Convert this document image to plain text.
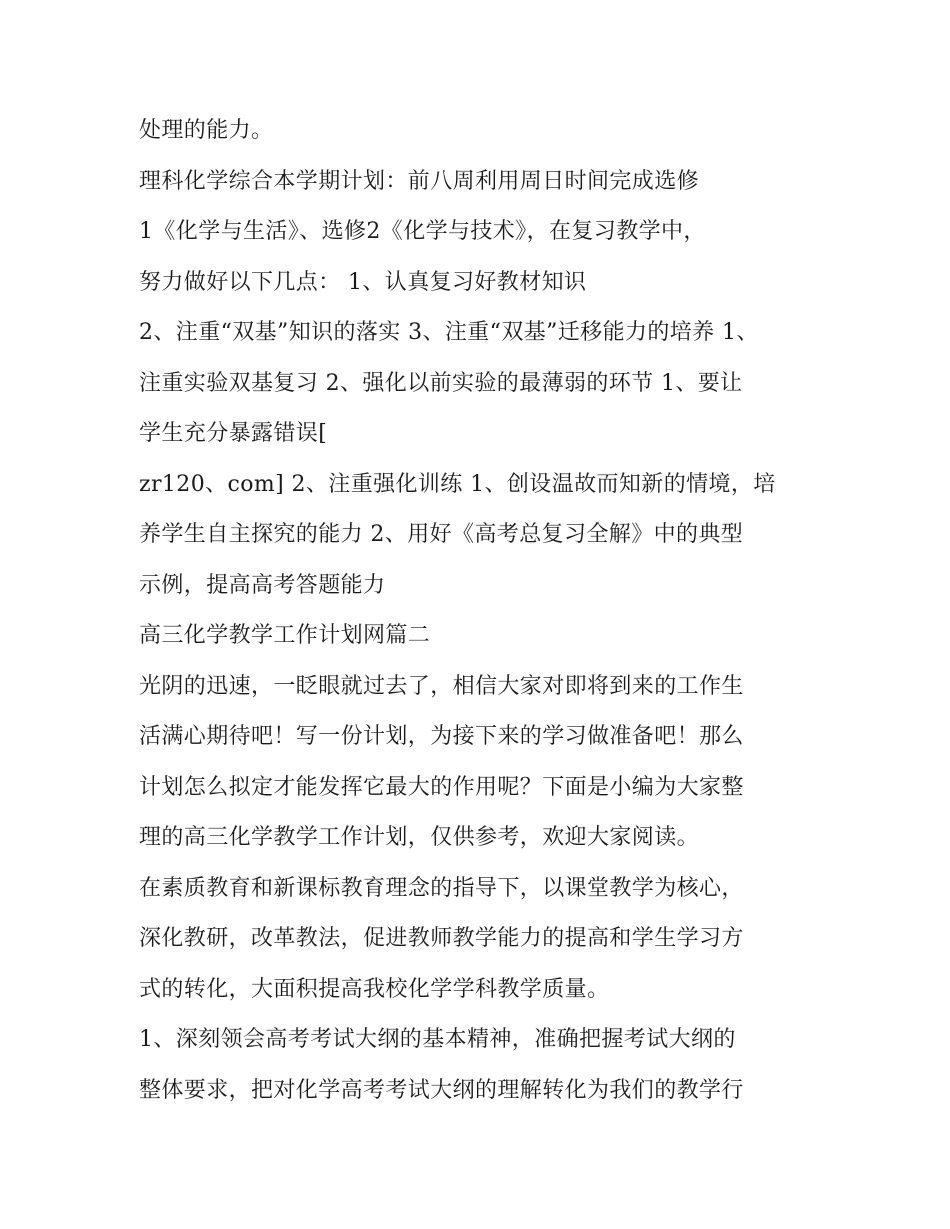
处理的能力。

理科化学综合本学期计划：前八周利用周日时间完成选修

1《化学与生活》、选修2《化学与技术》，在复习教学中，

努力做好以下几点： 1、认真复习好教材知识

2、注重“双基”知识的落实 3、注重“双基”迁移能力的培养 1、

注重实验双基复习 2、强化以前实验的最薄弱的环节 1、要让

学生充分暴露错误[

zr120、com] 2、注重强化训练 1、创设温故而知新的情境，培

养学生自主探究的能力 2、用好《高考总复习全解》中的典型

示例，提高高考答题能力

高三化学教学工作计划网篇二

光阴的迅速，一眨眼就过去了，相信大家对即将到来的工作生

活满心期待吧！写一份计划，为接下来的学习做准备吧！那么

计划怎么拟定才能发挥它最大的作用呢？下面是小编为大家整

理的高三化学教学工作计划，仅供参考，欢迎大家阅读。

在素质教育和新课标教育理念的指导下，以课堂教学为核心，

深化教研，改革教法，促进教师教学能力的提高和学生学习方

式的转化，大面积提高我校化学学科教学质量。

1、深刻领会高考考试大纲的基本精神，准确把握考试大纲的

整体要求，把对化学高考考试大纲的理解转化为我们的教学行
